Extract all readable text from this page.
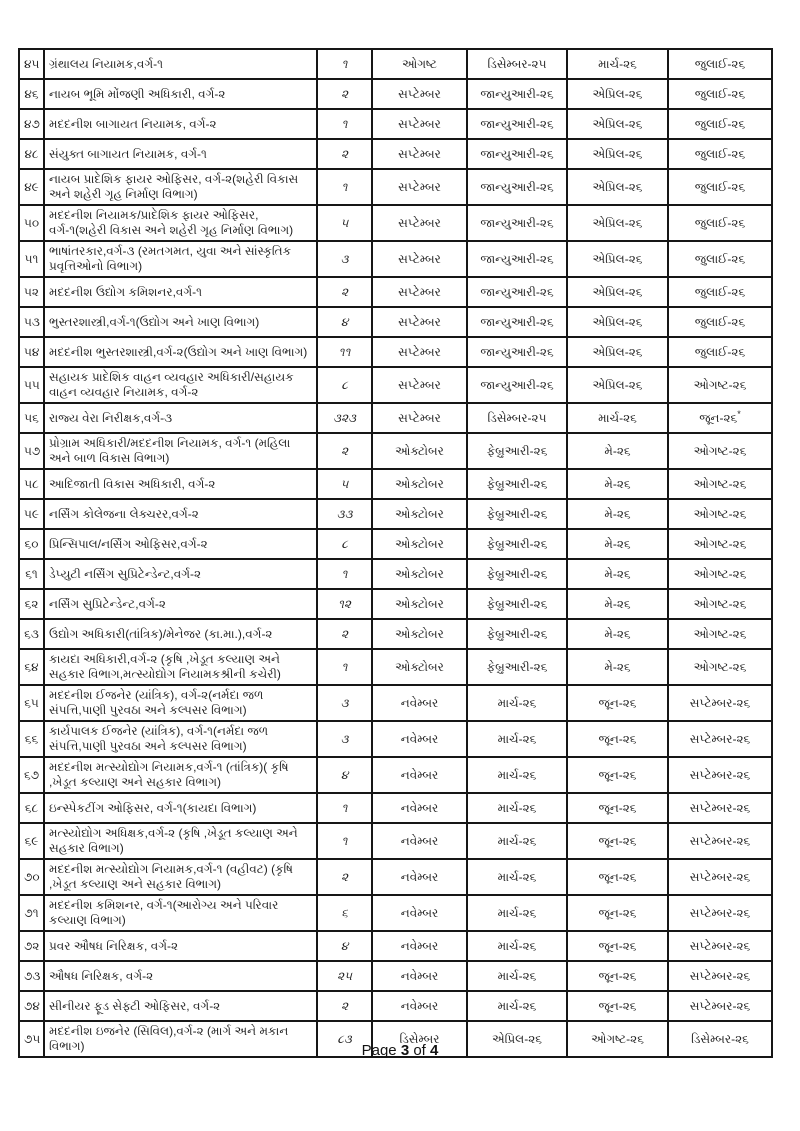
૪૫	ગ્રંથાલય નિયામક,વર્ગ-૧	૧	ઓગષ્ટ	ડિસેમ્બર-૨૫	માર્ચ-૨૬	જુલાઈ-૨૬
૪૬	નાયબ ભૂમિ મોંજણી અધિકારી, વર્ગ-૨	૨	સપ્ટેમ્બર	જાન્યુઆરી-૨૬	એપ્રિલ-૨૬	જુલાઈ-૨૬
૪૭	મદદનીશ બાગાયત નિયામક, વર્ગ-૨	૧	સપ્ટેમ્બર	જાન્યુઆરી-૨૬	એપ્રિલ-૨૬	જુલાઈ-૨૬
૪૮	સંયુક્ત બાગાયત નિયામક, વર્ગ-૧	૨	સપ્ટેમ્બર	જાન્યુઆરી-૨૬	એપ્રિલ-૨૬	જુલાઈ-૨૬
૪૯	નાયબ પ્રાદેશિક ફાયર ઓફિસર, વર્ગ-૨(શહેરી વિકાસ અને શહેરી ગૃહ નિર્માણ વિભાગ)	૧	સપ્ટેમ્બર	જાન્યુઆરી-૨૬	એપ્રિલ-૨૬	જુલાઈ-૨૬
૫૦	મદદનીશ નિયામક/પ્રાદેશિક ફાયર ઓફિસર, વર્ગ-૧(શહેરી વિકાસ અને શહેરી ગૃહ નિર્માણ વિભાગ)	૫	સપ્ટેમ્બર	જાન્યુઆરી-૨૬	એપ્રિલ-૨૬	જુલાઈ-૨૬
૫૧	ભાષાંતરકાર,વર્ગ-૩ (રમતગમત, યુવા અને સાંસ્કૃતિક પ્રવૃત્તિઓનો વિભાગ)	૩	સપ્ટેમ્બર	જાન્યુઆરી-૨૬	એપ્રિલ-૨૬	જુલાઈ-૨૬
૫૨	મદદનીશ ઉદ્યોગ કમિશનર,વર્ગ-૧	૨	સપ્ટેમ્બર	જાન્યુઆરી-૨૬	એપ્રિલ-૨૬	જુલાઈ-૨૬
૫૩	ભુસ્તરશાસ્ત્રી,વર્ગ-૧(ઉદ્યોગ અને ખાણ વિભાગ)	૪	સપ્ટેમ્બર	જાન્યુઆરી-૨૬	એપ્રિલ-૨૬	જુલાઈ-૨૬
૫૪	મદદનીશ ભુસ્તરશાસ્ત્રી,વર્ગ-૨(ઉદ્યોગ અને ખાણ વિભાગ)	૧૧	સપ્ટેમ્બર	જાન્યુઆરી-૨૬	એપ્રિલ-૨૬	જુલાઈ-૨૬
૫૫	સહાયક પ્રાદેશિક વાહન વ્યવહાર અધિકારી/સહાયક વાહન વ્યવહાર નિયામક, વર્ગ-૨	૮	સપ્ટેમ્બર	જાન્યુઆરી-૨૬	એપ્રિલ-૨૬	ઓગષ્ટ-૨૬
૫૬	રાજ્ય વેરા નિરીક્ષક,વર્ગ-૩	૩૨૩	સપ્ટેમ્બર	ડિસેમ્બર-૨૫	માર્ચ-૨૬	જૂન-૨૬*
૫૭	પ્રોગ્રામ અધિકારી/મદદનીશ નિયામક, વર્ગ-૧ (મહિલા અને બાળ વિકાસ વિભાગ)	૨	ઓક્ટોબર	ફેબ્રુઆરી-૨૬	મે-૨૬	ઓગષ્ટ-૨૬
૫૮	આદિજાતી વિકાસ અધિકારી, વર્ગ-૨	૫	ઓક્ટોબર	ફેબ્રુઆરી-૨૬	મે-૨૬	ઓગષ્ટ-૨૬
૫૯	નર્સિંગ કોલેજના લેક્ચરર,વર્ગ-૨	૩૩	ઓક્ટોબર	ફેબ્રુઆરી-૨૬	મે-૨૬	ઓગષ્ટ-૨૬
૬૦	પ્રિન્સિપાલ/નર્સિંગ ઓફિસર,વર્ગ-૨	૮	ઓક્ટોબર	ફેબ્રુઆરી-૨૬	મે-૨૬	ઓગષ્ટ-૨૬
૬૧	ડેપ્યુટી નર્સિંગ સુપ્રિટેન્ડેન્ટ,વર્ગ-૨	૧	ઓક્ટોબર	ફેબ્રુઆરી-૨૬	મે-૨૬	ઓગષ્ટ-૨૬
૬૨	નર્સિંગ સુપ્રિટેન્ડેન્ટ,વર્ગ-૨	૧૨	ઓક્ટોબર	ફેબ્રુઆરી-૨૬	મે-૨૬	ઓગષ્ટ-૨૬
૬૩	ઉદ્યોગ અધિકારી(તાંત્રિક)/મેનેજર (કા.મા.),વર્ગ-૨	૨	ઓક્ટોબર	ફેબ્રુઆરી-૨૬	મે-૨૬	ઓગષ્ટ-૨૬
૬૪	કાયદા અધિકારી,વર્ગ-૨ (કૃષિ ,ખેડૂત કલ્યાણ અને સહકાર વિભાગ,મત્સ્યોદ્યોગ નિયામકશ્રીની કચેરી)	૧	ઓક્ટોબર	ફેબ્રુઆરી-૨૬	મે-૨૬	ઓગષ્ટ-૨૬
૬૫	મદદનીશ ઈજનેર (યાંત્રિક), વર્ગ-૨(નર્મદા જળ સંપત્તિ,પાણી પુરવઠા અને કલ્પસર વિભાગ)	૩	નવેમ્બર	માર્ચ-૨૬	જૂન-૨૬	સપ્ટેમ્બર-૨૬
૬૬	કાર્યપાલક ઈજનેર (યાંત્રિક), વર્ગ-૧(નર્મદા જળ સંપત્તિ,પાણી પુરવઠા અને કલ્પસર વિભાગ)	૩	નવેમ્બર	માર્ચ-૨૬	જૂન-૨૬	સપ્ટેમ્બર-૨૬
૬૭	મદદનીશ મત્સ્યોદ્યોગ નિયામક,વર્ગ-૧ (તાંત્રિક)( કૃષિ ,ખેડૂત કલ્યાણ અને સહકાર વિભાગ)	૪	નવેમ્બર	માર્ચ-૨૬	જૂન-૨૬	સપ્ટેમ્બર-૨૬
૬૮	ઇન્સ્પેકટીંગ ઓફિસર, વર્ગ-૧(કાયદા વિભાગ)	૧	નવેમ્બર	માર્ચ-૨૬	જૂન-૨૬	સપ્ટેમ્બર-૨૬
૬૯	મત્સ્યોદ્યોગ અધિક્ષક,વર્ગ-૨ (કૃષિ ,ખેડૂત કલ્યાણ અને સહકાર વિભાગ)	૧	નવેમ્બર	માર્ચ-૨૬	જૂન-૨૬	સપ્ટેમ્બર-૨૬
૭૦	મદદનીશ મત્સ્યોદ્યોગ નિયામક,વર્ગ-૧ (વહીવટ) (કૃષિ ,ખેડૂત કલ્યાણ અને સહકાર વિભાગ)	૨	નવેમ્બર	માર્ચ-૨૬	જૂન-૨૬	સપ્ટેમ્બર-૨૬
૭૧	મદદનીશ કમિશનર, વર્ગ-૧(આરોગ્ય અને પરિવાર કલ્યાણ વિભાગ)	૬	નવેમ્બર	માર્ચ-૨૬	જૂન-૨૬	સપ્ટેમ્બર-૨૬
૭૨	પ્રવર ઔષધ નિરિક્ષક, વર્ગ-૨	૪	નવેમ્બર	માર્ચ-૨૬	જૂન-૨૬	સપ્ટેમ્બર-૨૬
૭૩	ઔષધ નિરિક્ષક, વર્ગ-૨	૨૫	નવેમ્બર	માર્ચ-૨૬	જૂન-૨૬	સપ્ટેમ્બર-૨૬
૭૪	સીનીયર ફૂડ સેફ્ટી ઓફિસર, વર્ગ-૨	૨	નવેમ્બર	માર્ચ-૨૬	જૂન-૨૬	સપ્ટેમ્બર-૨૬
૭૫	મદદનીશ ઇજનેર (સિવિલ),વર્ગ-૨ (માર્ગ અને મકાન વિભાગ)	૮૩	ડિસેમ્બર	એપ્રિલ-૨૬	ઓગષ્ટ-૨૬	ડિસેમ્બર-૨૬
Page 3 of 4
